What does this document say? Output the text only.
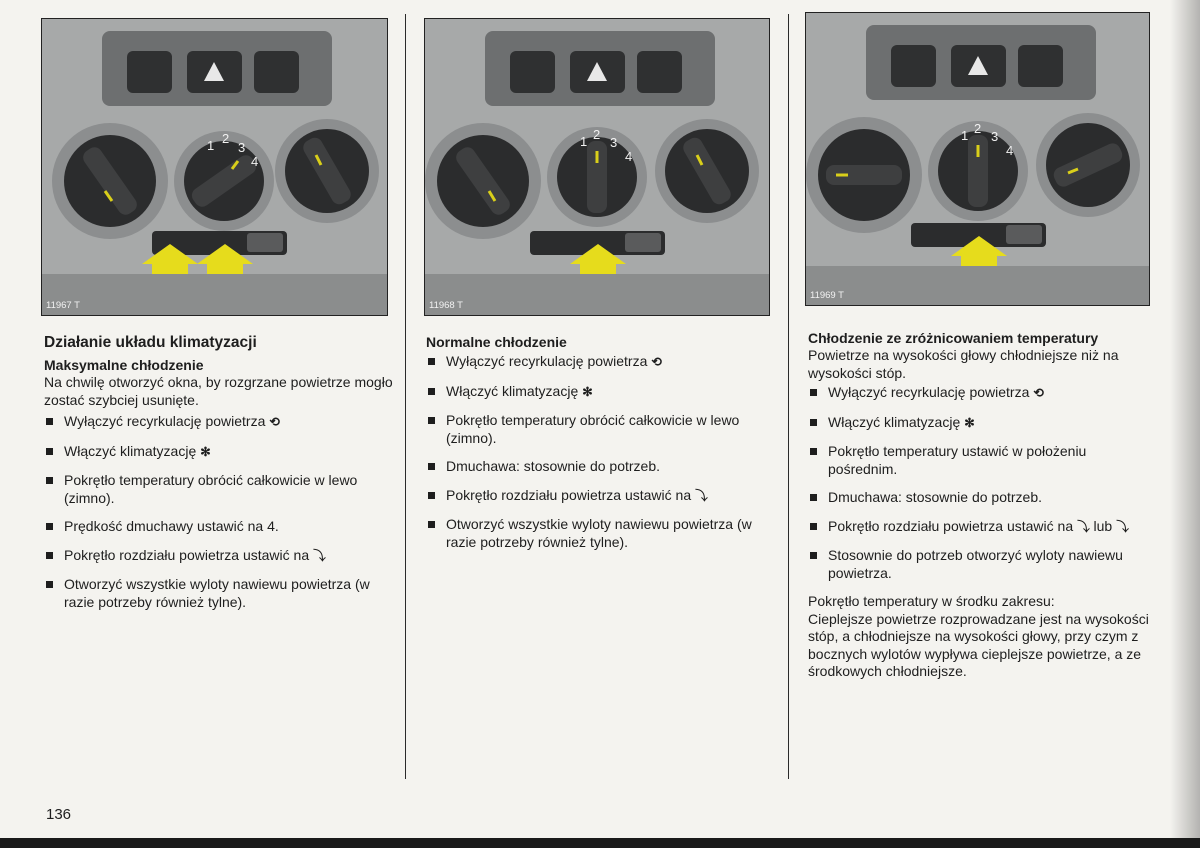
1 2
3
4
11967 T
1 2
3
4
11968 T
1 2
3
4
11969 T
Działanie układu klimatyzacji
Maksymalne chłodzenie
Na chwilę otworzyć okna, by rozgrzane powietrze mogło zostać szybciej usunięte.
Wyłączyć recyrkulację powietrza ⟲
Włączyć klimatyzację ✻
Pokrętło temperatury obrócić całkowicie w lewo (zimno).
Prędkość dmuchawy ustawić na 4.
Pokrętło rozdziału powietrza ustawić na ⤵
Otworzyć wszystkie wyloty nawiewu powietrza (w razie potrzeby również tylne).
Normalne chłodzenie
Wyłączyć recyrkulację powietrza ⟲
Włączyć klimatyzację ✻
Pokrętło temperatury obrócić całkowicie w lewo (zimno).
Dmuchawa: stosownie do potrzeb.
Pokrętło rozdziału powietrza ustawić na ⤵
Otworzyć wszystkie wyloty nawiewu powietrza (w razie potrzeby również tylne).
Chłodzenie ze zróżnicowaniem temperatury
Powietrze na wysokości głowy chłodniejsze niż na wysokości stóp.
Wyłączyć recyrkulację powietrza ⟲
Włączyć klimatyzację ✻
Pokrętło temperatury ustawić w położeniu pośrednim.
Dmuchawa: stosownie do potrzeb.
Pokrętło rozdziału powietrza ustawić na ⤵ lub ⤵
Stosownie do potrzeb otworzyć wyloty nawiewu powietrza.
Pokrętło temperatury w środku zakresu:
Cieplejsze powietrze rozprowadzane jest na wysokości stóp, a chłodniejsze na wysokości głowy, przy czym z bocznych wylotów wypływa cieplejsze powietrze, a ze środkowych chłodniejsze.
136
